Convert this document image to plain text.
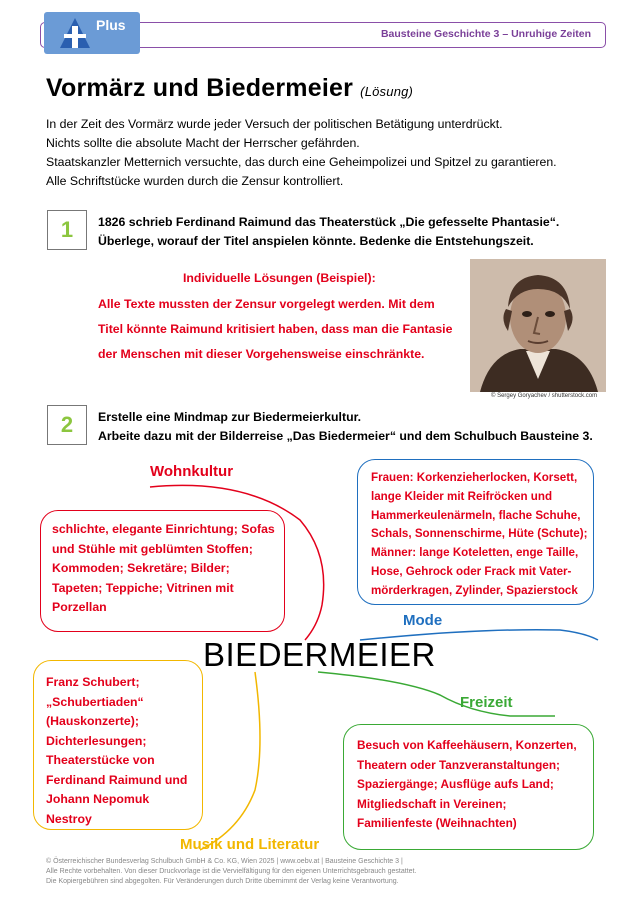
Bausteine Geschichte 3 – Unruhige Zeiten
Plus
Vormärz und Biedermeier (Lösung)
In der Zeit des Vormärz wurde jeder Versuch der politischen Betätigung unterdrückt.
Nichts sollte die absolute Macht der Herrscher gefährden.
Staatskanzler Metternich versuchte, das durch eine Geheimpolizei und Spitzel zu garantieren.
Alle Schriftstücke wurden durch die Zensur kontrolliert.
1	1826 schrieb Ferdinand Raimund das Theaterstück „Die gefesselte Phantasie“.
Überlege, worauf der Titel anspielen könnte. Bedenke die Entstehungszeit.
Individuelle Lösungen (Beispiel):
Alle Texte mussten der Zensur vorgelegt werden. Mit dem
Titel könnte Raimund kritisiert haben, dass man die Fantasie
der Menschen mit dieser Vorgehensweise einschränkte.
© Sergey Goryachev / shutterstock.com
2	Erstelle eine Mindmap zur Biedermeierkultur.
Arbeite dazu mit der Bilderreise „Das Biedermeier“ und dem Schulbuch Bausteine 3.
Wohnkultur
Mode
Freizeit
Musik und Literatur
BIEDERMEIER
schlichte, elegante Einrichtung; Sofas
und Stühle mit geblümten Stoffen;
Kommoden; Sekretäre; Bilder;
Tapeten; Teppiche; Vitrinen mit
Porzellan
Frauen: Korkenzieherlocken, Korsett,
lange Kleider mit Reifröcken und
Hammerkeulenärmeln, flache Schuhe,
Schals, Sonnenschirme, Hüte (Schute);
Männer: lange Koteletten, enge Taille,
Hose, Gehrock oder Frack mit Vater-
mörderkragen, Zylinder, Spazierstock
Franz Schubert;
„Schubertiaden“
(Hauskonzerte);
Dichterlesungen;
Theaterstücke von
Ferdinand Raimund und
Johann Nepomuk
Nestroy
Besuch von Kaffeehäusern, Konzerten,
Theatern oder Tanzveranstaltungen;
Spaziergänge; Ausflüge aufs Land;
Mitgliedschaft in Vereinen;
Familienfeste (Weihnachten)
© Österreichischer Bundesverlag Schulbuch GmbH & Co. KG, Wien 2025 | www.oebv.at | Bausteine Geschichte 3 |
Alle Rechte vorbehalten. Von dieser Druckvorlage ist die Vervielfältigung für den eigenen Unterrichtsgebrauch gestattet.
Die Kopiergebühren sind abgegolten. Für Veränderungen durch Dritte übernimmt der Verlag keine Verantwortung.
